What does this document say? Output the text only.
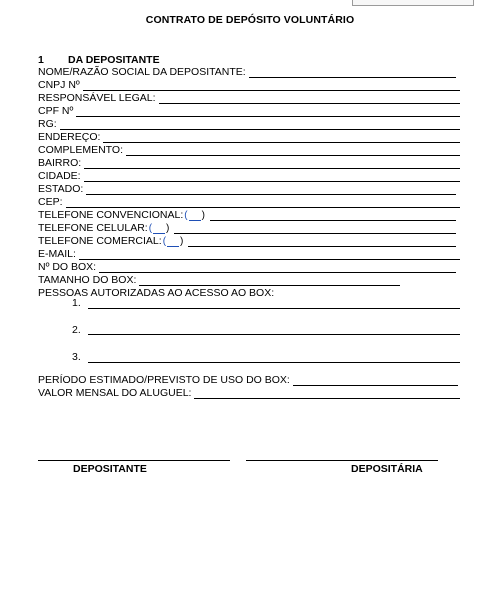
CONTRATO DE DEPÓSITO VOLUNTÁRIO
1 DA DEPOSITANTE
NOME/RAZÃO SOCIAL DA DEPOSITANTE:
CNPJ Nº
RESPONSÁVEL LEGAL:
CPF Nº
RG:
ENDEREÇO:
COMPLEMENTO:
BAIRRO:
CIDADE:
ESTADO:
CEP:
TELEFONE CONVENCIONAL: ( )
TELEFONE CELULAR: ( )
TELEFONE COMERCIAL: ( )
E-MAIL:
Nº DO BOX:
TAMANHO DO BOX:
PESSOAS AUTORIZADAS AO ACESSO AO BOX:
1.
2.
3.
PERÍODO ESTIMADO/PREVISTO DE USO DO BOX:
VALOR MENSAL DO ALUGUEL:
DEPOSITANTE	DEPOSITÁRIA
